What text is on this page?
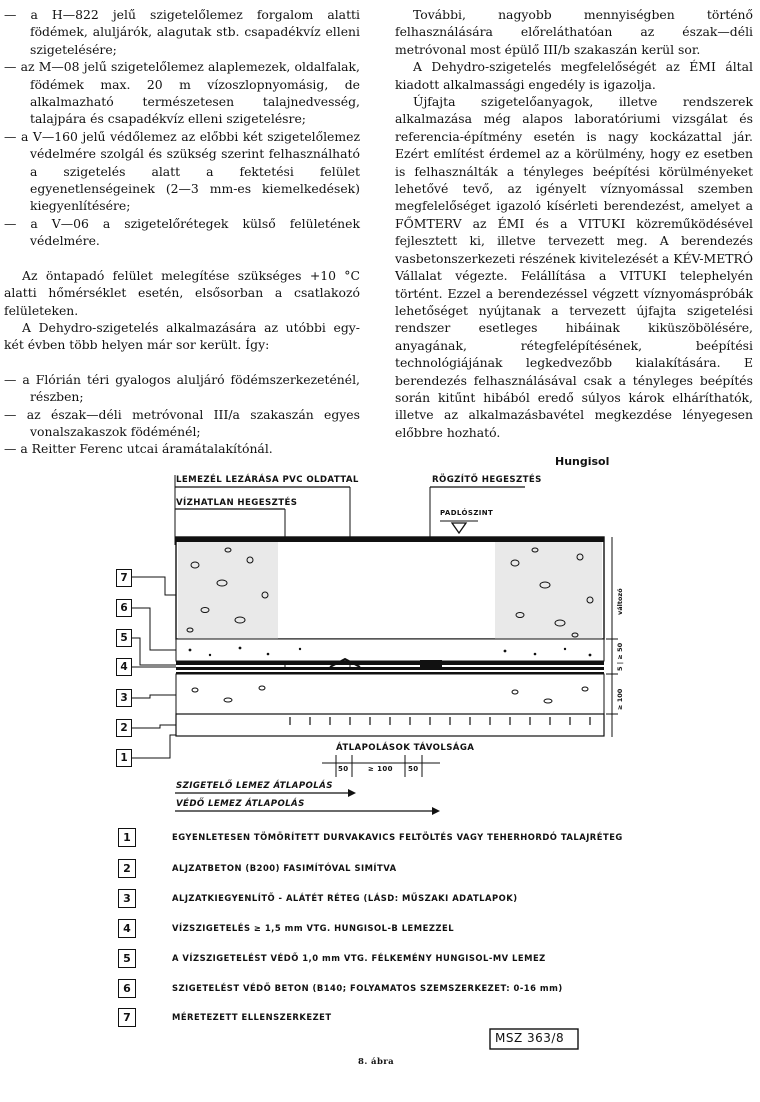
— a H—822 jelű szigetelőlemez forgalom alatti födémek, aluljárók, alagutak stb. csapadékvíz elleni szigetelésére;

— az M—08 jelű szigetelőlemez alaplemezek, oldalfalak, födémek max. 20 m vízoszlopnyomásig, de alkalmazható természetesen talajnedvesség, talajpára és csapadékvíz elleni szigetelésre;

— a V—160 jelű védőlemez az előbbi két szigetelőlemez védelmére szolgál és szükség szerint felhasználható a szigetelés alatt a fektetési felület egyenetlenségeinek (2—3 mm-es kiemelkedések) kiegyenlítésére;

— a V—06 a szigetelőrétegek külső felületének védelmére.

Az öntapadó felület melegítése szükséges +10 °C alatti hőmérséklet esetén, elsősorban a csatlakozó felületeken.

A Dehydro-szigetelés alkalmazására az utóbbi egy-két évben több helyen már sor került. Így:

— a Flórián téri gyalogos aluljáró födémszerkezeténél, részben;

— az észak—déli metróvonal III/a szakaszán egyes vonalszakaszok födéménél;

— a Reitter Ferenc utcai áramátalakítónál.

További, nagyobb mennyiségben történő felhasználására előreláthatóan az észak—déli metróvonal most épülő III/b szakaszán kerül sor.

A Dehydro-szigetelés megfelelőségét az ÉMI által kiadott alkalmassági engedély is igazolja.

Újfajta szigetelőanyagok, illetve rendszerek alkalmazása még alapos laboratóriumi vizsgálat és referencia-építmény esetén is nagy kockázattal jár. Ezért említést érdemel az a körülmény, hogy ez esetben is felhasználták a tényleges beépítési körülményeket lehetővé tevő, az igényelt víznyomással szemben megfelelőséget igazoló kísérleti berendezést, amelyet a FŐMTERV az ÉMI és a VITUKI közreműködésével fejlesztett ki, illetve tervezett meg. A berendezés vasbetonszerkezeti részének kivitelezését a KÉV-METRÓ Vállalat végezte. Felállítása a VITUKI telephelyén történt. Ezzel a berendezéssel végzett víznyomáspróbák lehetőséget nyújtanak a tervezett újfajta szigetelési rendszer esetleges hibáinak kiküszöbölésére, anyagának, rétegfelépítésének, beépítési technológiájának legkedvezőbb kialakítására. E berendezés felhasználásával csak a tényleges beépítés során kitűnt hibából eredő súlyos károk elháríthatók, illetve az alkalmazásbavétel megkezdése lényegesen előbbre hozható.

Hungisol
LEMEZÉL LEZÁRÁSA PVC OLDATTAL
VÍZHATLAN HEGESZTÉS
RÖGZÍTŐ HEGESZTÉS
PADLÓSZINT
7
6
5
4
3
2
1
változó
5 | ≥ 50
≥ 100
ÁTLAPOLÁSOK TÁVOLSÁGA
50	≥ 100 50
SZIGETELŐ LEMEZ ÁTLAPOLÁS
VÉDŐ LEMEZ ÁTLAPOLÁS
1	EGYENLETESEN TÖMÖRÍTETT DURVAKAVICS FELTÖLTÉS VAGY TEHERHORDÓ TALAJRÉTEG
2	ALJZATBETON (B200) FASIMÍTÓVAL SIMÍTVA
3	ALJZATKIEGYENLÍTŐ - ALÁTÉT RÉTEG (LÁSD: MŰSZAKI ADATLAPOK)
4	VÍZSZIGETELÉS ≥ 1,5 mm VTG. HUNGISOL-B LEMEZZEL
5	A VÍZSZIGETELÉST VÉDŐ 1,0 mm VTG. FÉLKEMÉNY HUNGISOL-MV LEMEZ
6	SZIGETELÉST VÉDŐ BETON (B140; FOLYAMATOS SZEMSZERKEZET: 0-16 mm)
7	MÉRETEZETT ELLENSZERKEZET
MSZ 363/8
8. ábra
